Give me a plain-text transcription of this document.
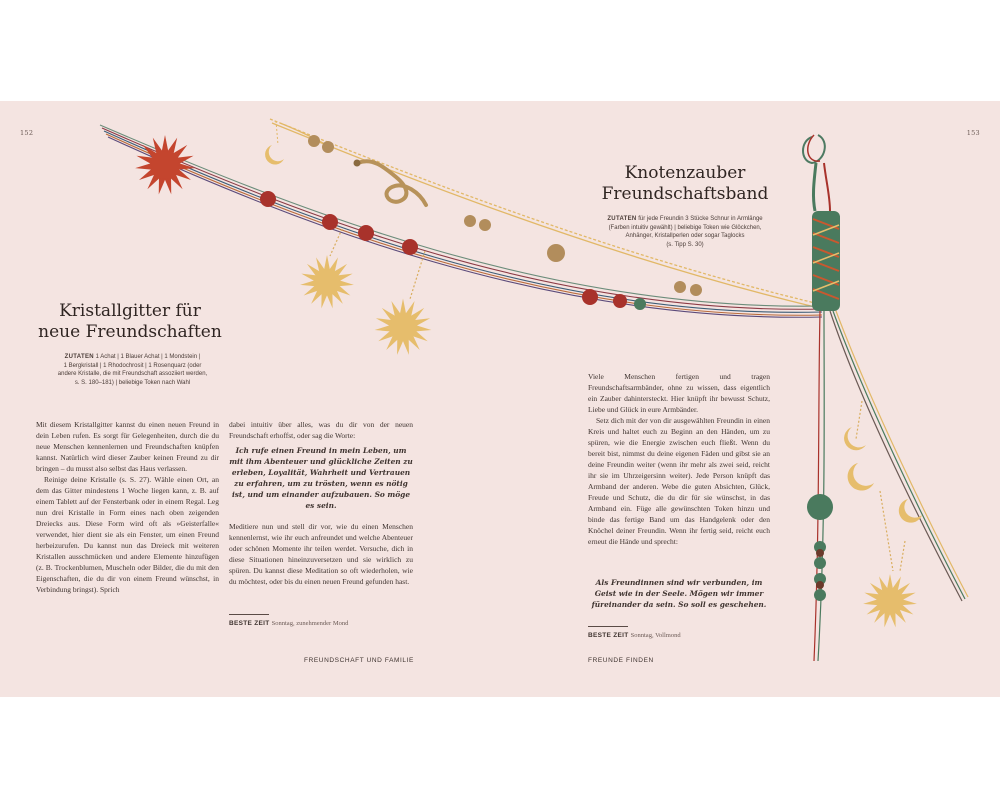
152	153
Kristallgitter für
neue Freundschaften
ZUTATEN 1 Achat | 1 Blauer Achat | 1 Mondstein |
1 Bergkristall | 1 Rhodochrosit | 1 Rosenquarz (oder
andere Kristalle, die mit Freundschaft assoziiert werden,
s. S. 180–181) | beliebige Token nach Wahl

Mit diesem Kristallgitter kannst du einen neuen Freund in dein Leben rufen. Es sorgt für Gelegenheiten, durch die du neue Menschen kennenlernen und Freundschaften knüpfen kannst. Natürlich wird dieser Zauber keinen Freund zu dir bringen – du musst also selbst das Haus verlassen.

Reinige deine Kristalle (s. S. 27). Wähle einen Ort, an dem das Gitter mindestens 1 Woche liegen kann, z. B. auf einem Tablett auf der Fensterbank oder in einem Regal. Leg nun drei Kristalle in Form eines nach oben zeigenden Dreiecks aus. Diese Form wird oft als »Geisterfalle« verwendet, hier dient sie als ein Fenster, um einen Freund herbeizurufen. Du kannst nun das Dreieck mit weiteren Kristallen ausschmücken und andere Elemente hinzufügen (z. B. Trockenblumen, Muscheln oder Bilder, die du mit den Eigenschaften, die du dir von einem Freund wünschst, in Verbindung bringst). Sprich

dabei intuitiv über alles, was du dir von der neuen Freundschaft erhoffst, oder sag die Worte:

Ich rufe einen Freund in mein Leben, um mit ihm Abenteuer und glückliche Zeiten zu erleben, Loyalität, Wahrheit und Vertrauen zu erfahren, um zu trösten, wenn es nötig ist, und um einander aufzubauen. So möge es sein.

Meditiere nun und stell dir vor, wie du einen Menschen kennenlernst, wie ihr euch anfreundet und welche Abenteuer oder schönen Momente ihr teilen werdet. Versuche, dich in diese Situationen hineinzuversetzen und sie wirklich zu spüren. Du kannst diese Meditation so oft wiederholen, wie du möchtest, oder bis du einen neuen Freund gefunden hast.

BESTE ZEIT Sonntag, zunehmender Mond
FREUNDSCHAFT UND FAMILIE
Knotenzauber
Freundschaftsband
ZUTATEN für jede Freundin 3 Stücke Schnur in Armlänge
(Farben intuitiv gewählt) | beliebige Token wie Glöckchen,
Anhänger, Kristallperlen oder sogar Taglocks
(s. Tipp S. 30)

Viele Menschen fertigen und tragen Freundschaftsarmbänder, ohne zu wissen, dass eigentlich ein Zauber dahintersteckt. Hier knüpft ihr bewusst Schutz, Liebe und Glück in eure Armbänder.

Setz dich mit der von dir ausgewählten Freundin in einen Kreis und haltet euch zu Beginn an den Händen, um zu spüren, wie die Energie zwischen euch fließt. Wenn du bereit bist, nimmst du deine eigenen Fäden und gibst sie an deine Freundin weiter (wenn ihr mehr als zwei seid, reicht ihr sie im Uhrzeigersinn weiter). Jede Person knüpft das Armband der anderen. Webe die guten Absichten, Glück, Freude und Schutz, die du dir für sie wünschst, in das Armband ein. Füge alle gewünschten Token hinzu und binde das fertige Band um das Handgelenk oder den Knöchel deiner Freundin. Wenn ihr fertig seid, reicht euch erneut die Hände und sprecht:

Als Freundinnen sind wir verbunden, im Geist wie in der Seele. Mögen wir immer füreinander da sein. So soll es geschehen.
BESTE ZEIT Sonntag, Vollmond
FREUNDE FINDEN
